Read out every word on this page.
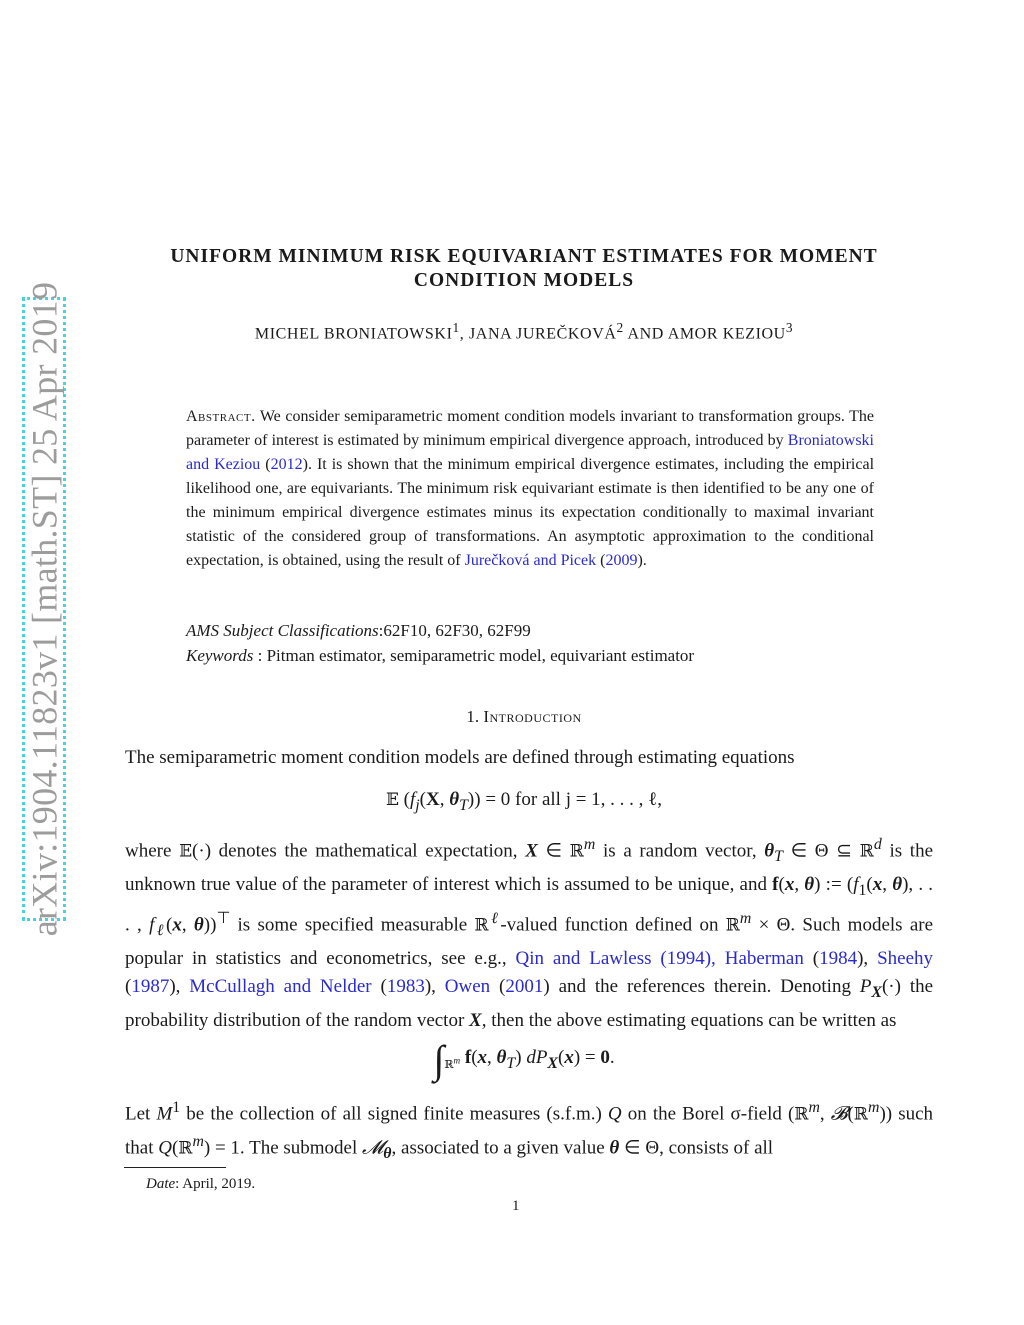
arXiv:1904.11823v1 [math.ST] 25 Apr 2019
UNIFORM MINIMUM RISK EQUIVARIANT ESTIMATES FOR MOMENT
CONDITION MODELS
MICHEL BRONIATOWSKI$^1$, JANA JUREČKOVÁ$^2$ AND AMOR KEZIOU$^3$
Abstract. We consider semiparametric moment condition models invariant to transformation groups. The parameter of interest is estimated by minimum empirical divergence approach, introduced by Broniatowski and Keziou (2012). It is shown that the minimum empirical divergence estimates, including the empirical likelihood one, are equivariants. The minimum risk equivariant estimate is then identified to be any one of the minimum empirical divergence estimates minus its expectation conditionally to maximal invariant statistic of the considered group of transformations. An asymptotic approximation to the conditional expectation, is obtained, using the result of Jurečková and Picek (2009).
AMS Subject Classifications:62F10, 62F30, 62F99
Keywords : Pitman estimator, semiparametric model, equivariant estimator
1. Introduction
The semiparametric moment condition models are defined through estimating equations
𝔼 ($f_j(X$, $\theta_T)) = 0$ for all j = 1, . . . , ℓ,
where 𝔼(·) denotes the mathematical expectation, X ∈ ℝ$^m$ is a random vector, $\theta_T$ ∈ Θ ⊆ ℝ$^d$ is the unknown true value of the parameter of interest which is assumed to be unique, and f(x, θ) := ($f_1(x$, θ), . . . , $f_\ell(x$, θ))⊤ is some specified measurable ℝ$^\ell$-valued function defined on ℝ$^m$ × Θ. Such models are popular in statistics and econometrics, see e.g., Qin and Lawless (1994), Haberman (1984), Sheehy (1987), McCullagh and Nelder (1983), Owen (2001) and the references therein. Denoting $P_X(\cdot)$ the probability distribution of the random vector X, then the above estimating equations can be written as
$\int_{ℝ^m}$ f(x, $\theta_T$) $dP_X(x) = 0$.
Let $M^1$ be the collection of all signed finite measures (s.f.m.) Q on the Borel σ-field (ℝ$^m$, 𝓑(ℝ$^m$)) such that Q(ℝ$^m$) = 1. The submodel 𝓜$_\theta$, associated to a given value θ ∈ Θ, consists of all
Date: April, 2019.
1
